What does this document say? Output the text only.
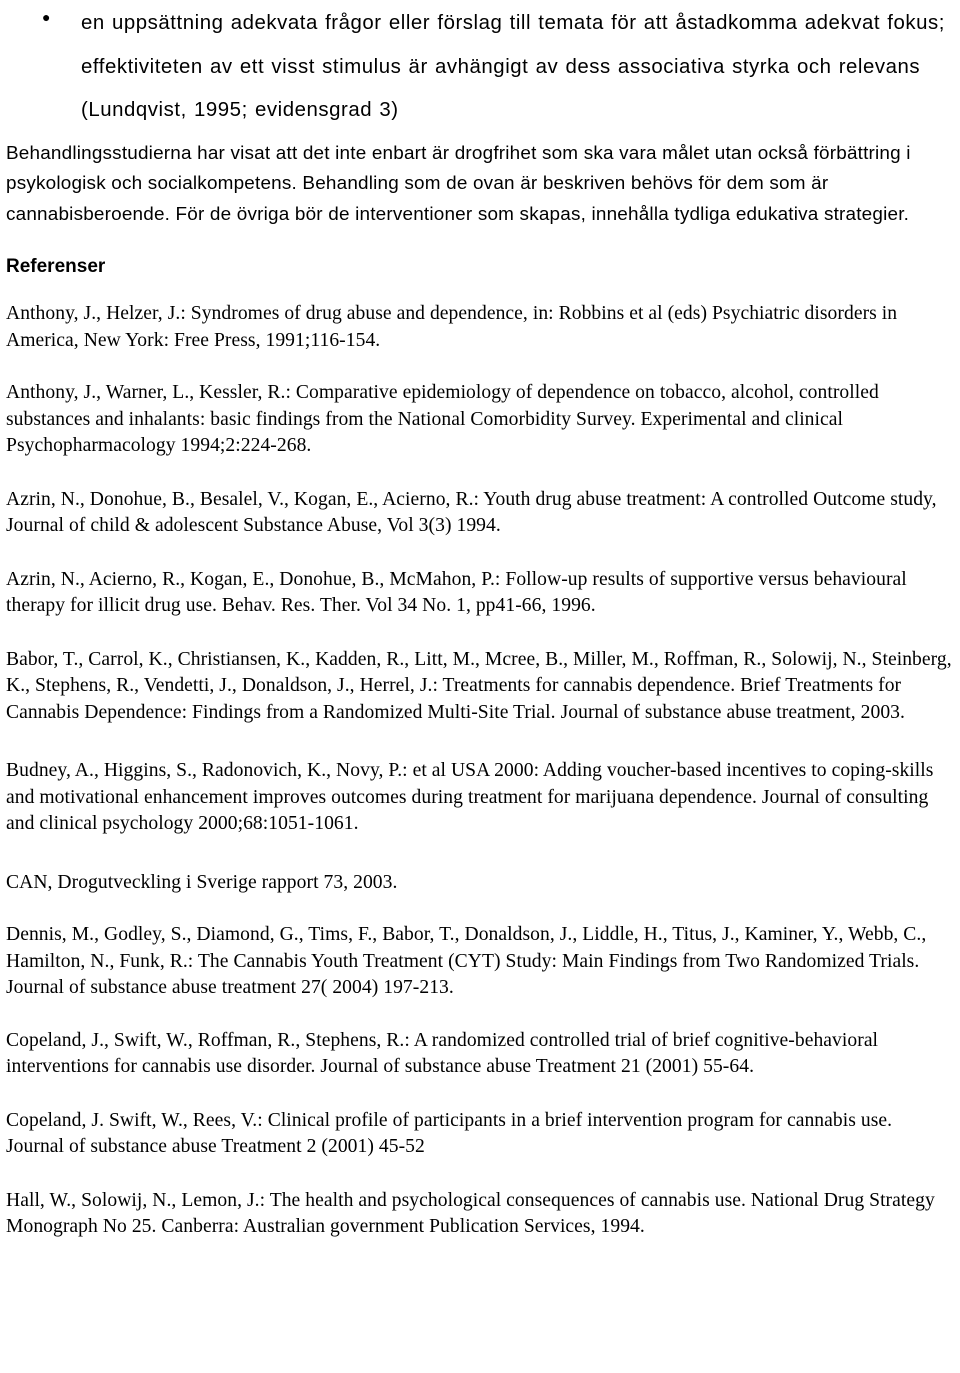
● en uppsättning adekvata frågor eller förslag till temata för att åstadkomma adekvat fokus; effektiviteten av ett visst stimulus är avhängigt av dess associativa styrka och relevans (Lundqvist, 1995; evidensgrad 3)

Behandlingsstudierna har visat att det inte enbart är drogfrihet som ska vara målet utan också förbättring i psykologisk och socialkompetens. Behandling som de ovan är beskriven behövs för dem som är cannabisberoende. För de övriga bör de interventioner som skapas, innehålla tydliga edukativa strategier.

Referenser

Anthony, J., Helzer, J.: Syndromes of drug abuse and dependence, in: Robbins et al (eds) Psychiatric disorders in America, New York: Free Press, 1991;116-154.

Anthony, J., Warner, L., Kessler, R.: Comparative epidemiology of dependence on tobacco, alcohol, controlled substances and inhalants: basic findings from the National Comorbidity Survey. Experimental and clinical Psychopharmacology 1994;2:224-268.

Azrin, N., Donohue, B., Besalel, V., Kogan, E., Acierno, R.: Youth drug abuse treatment: A controlled Outcome study, Journal of child & adolescent Substance Abuse, Vol 3(3) 1994.

Azrin, N., Acierno, R., Kogan, E., Donohue, B., McMahon, P.: Follow-up results of supportive versus behavioural therapy for illicit drug use. Behav. Res. Ther. Vol 34 No. 1, pp41-66, 1996.

Babor, T., Carrol, K., Christiansen, K., Kadden, R., Litt, M., Mcree, B., Miller, M., Roffman, R., Solowij, N., Steinberg, K., Stephens, R., Vendetti, J., Donaldson, J., Herrel, J.: Treatments for cannabis dependence. Brief Treatments for Cannabis Dependence: Findings from a Randomized Multi-Site Trial. Journal of substance abuse treatment, 2003.

Budney, A., Higgins, S., Radonovich, K., Novy, P.: et al USA 2000: Adding voucher-based incentives to coping-skills and motivational enhancement improves outcomes during treatment for marijuana dependence. Journal of consulting and clinical psychology 2000;68:1051-1061.

CAN, Drogutveckling i Sverige rapport 73, 2003.

Dennis, M., Godley, S., Diamond, G., Tims, F., Babor, T., Donaldson, J., Liddle, H., Titus, J., Kaminer, Y., Webb, C., Hamilton, N., Funk, R.: The Cannabis Youth Treatment (CYT) Study: Main Findings from Two Randomized Trials. Journal of substance abuse treatment 27( 2004) 197-213.

Copeland, J., Swift, W., Roffman, R., Stephens, R.: A randomized controlled trial of brief cognitive-behavioral interventions for cannabis use disorder. Journal of substance abuse Treatment 21 (2001) 55-64.

Copeland, J. Swift, W., Rees, V.: Clinical profile of participants in a brief intervention program for cannabis use. Journal of substance abuse Treatment 2 (2001) 45-52

Hall, W., Solowij, N., Lemon, J.: The health and psychological consequences of cannabis use. National Drug Strategy Monograph No 25. Canberra: Australian government Publication Services, 1994.
